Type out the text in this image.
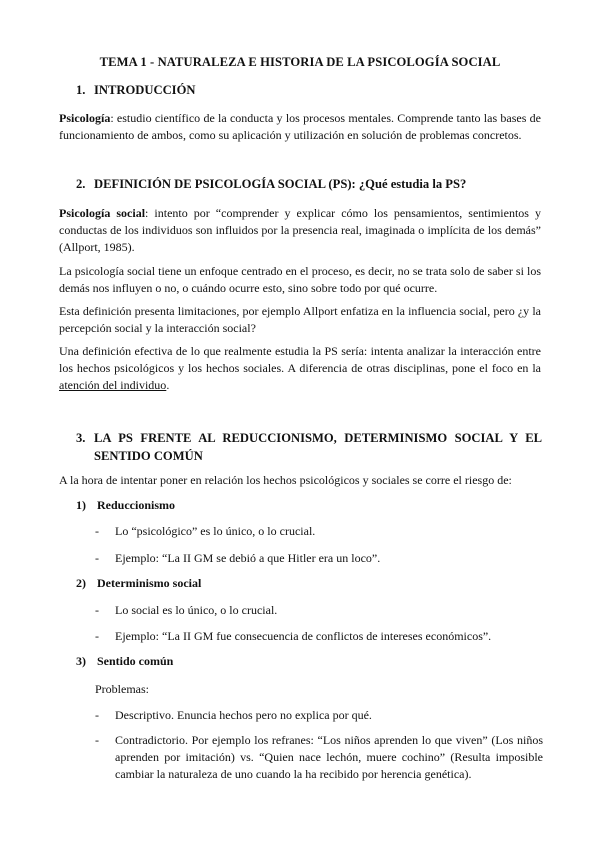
TEMA 1 - NATURALEZA E HISTORIA DE LA PSICOLOGÍA SOCIAL
1. INTRODUCCIÓN
Psicología: estudio científico de la conducta y los procesos mentales. Comprende tanto las bases de funcionamiento de ambos, como su aplicación y utilización en solución de problemas concretos.
2. DEFINICIÓN DE PSICOLOGÍA SOCIAL (PS): ¿Qué estudia la PS?
Psicología social: intento por “comprender y explicar cómo los pensamientos, sentimientos y conductas de los individuos son influidos por la presencia real, imaginada o implícita de los demás” (Allport, 1985).
La psicología social tiene un enfoque centrado en el proceso, es decir, no se trata solo de saber si los demás nos influyen o no, o cuándo ocurre esto, sino sobre todo por qué ocurre.
Esta definición presenta limitaciones, por ejemplo Allport enfatiza en la influencia social, pero ¿y la percepción social y la interacción social?
Una definición efectiva de lo que realmente estudia la PS sería: intenta analizar la interacción entre los hechos psicológicos y los hechos sociales. A diferencia de otras disciplinas, pone el foco en la atención del individuo.
3. LA PS FRENTE AL REDUCCIONISMO, DETERMINISMO SOCIAL Y EL SENTIDO COMÚN
A la hora de intentar poner en relación los hechos psicológicos y sociales se corre el riesgo de:
1) Reduccionismo
- Lo “psicológico” es lo único, o lo crucial.
- Ejemplo: “La II GM se debió a que Hitler era un loco”.
2) Determinismo social
- Lo social es lo único, o lo crucial.
- Ejemplo: “La II GM fue consecuencia de conflictos de intereses económicos”.
3) Sentido común
Problemas:
- Descriptivo. Enuncia hechos pero no explica por qué.
- Contradictorio. Por ejemplo los refranes: “Los niños aprenden lo que viven” (Los niños aprenden por imitación) vs. “Quien nace lechón, muere cochino” (Resulta imposible cambiar la naturaleza de uno cuando la ha recibido por herencia genética).
